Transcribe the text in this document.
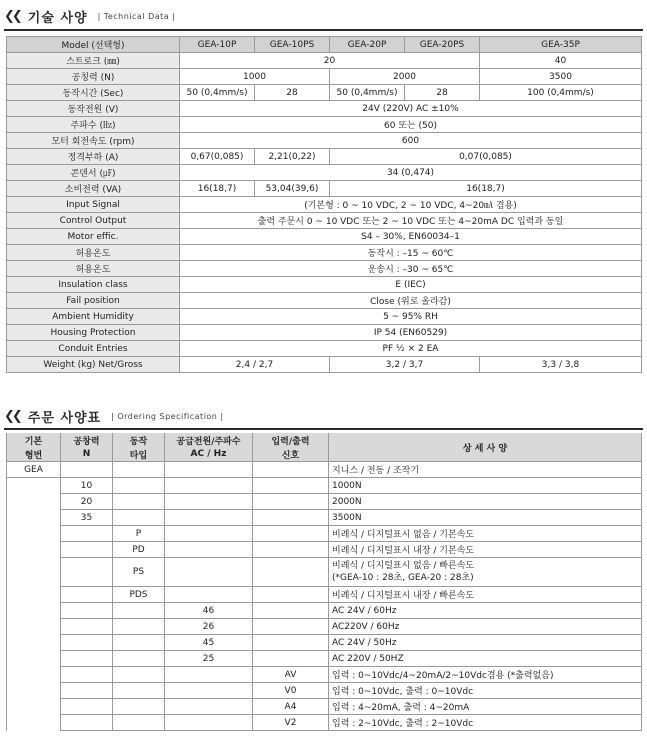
❮❮ 기술 사양 | Technical Data |
Model (선택형)	GEA-10P	GEA-10PS	GEA-20P	GEA-20PS	GEA-35P
스트로크 (㎜)	20				40
공칭력 (N)	1000		2000		3500
동작시간 (Sec)	50 (0,4mm/s)	28	50 (0,4mm/s)	28	100 (0,4mm/s)
동작전원 (V)	24V (220V) AC ±10%				
주파수 (㎐)	60 또는 (50)				
모터 회전속도 (rpm)	600				
정격부하 (A)	0,67(0,085)	2,21(0,22)	0,07(0,085)		
콘덴서 (㎌)	34 (0,474)				
소비전력 (VA)	16(18,7)	53,04(39,6)	16(18,7)		
Input Signal	(기본형 : 0 ~ 10 VDC, 2 ~ 10 VDC, 4~20㎃ 겸용)				
Control Output	출력 주문시 0 ~ 10 VDC 또는 2 ~ 10 VDC 또는 4~20mA DC 입력과 동일				
Motor effic.	S4 – 30%, EN60034–1				
허용온도	동작시 : –15 ~ 60℃				
허용온도	운송시 : –30 ~ 65℃				
Insulation class	E (IEC)				
Fail position	Close (위로 올라감)				
Ambient Humidity	5 ~ 95% RH				
Housing Protection	IP 54 (EN60529)				
Conduit Entries	PF ½ × 2 EA				
Weight (kg) Net/Gross	2,4 / 2,7		3,2 / 3,7		3,3 / 3,8
❮❮ 주문 사양표 | Ordering Specification |
기본	공창력	동작	공급전원/주파수	입력/출력	상 세 사 양
형번	N	타입	AC / Hz	신호	
GEA					지니스 / 전동 / 조작기
	10				1000N
	20				2000N
	35				3500N
		P			비례식 / 디지털표시 없음 / 기본속도
		PD			비례식 / 디지털표시 내장 / 기본속도
		PS			비례식 / 디지털표시 없음 / 빠른속도
(*GEA-10 : 28초, GEA-20 : 28초)

		PDS			비례식 / 디지털표시 내장 / 빠른속도
			46		AC 24V / 60Hz
			26		AC220V / 60Hz
			45		AC 24V / 50Hz
			25		AC 220V / 50HZ
				AV	입력 : 0~10Vdc/4~20mA/2~10Vdc겸용 (*출력없음)
				V0	입력 : 0~10Vdc, 출력 : 0~10Vdc
				A4	입력 : 4~20mA, 출력 : 4~20mA
				V2	입력 : 2~10Vdc, 출력 : 2~10Vdc
